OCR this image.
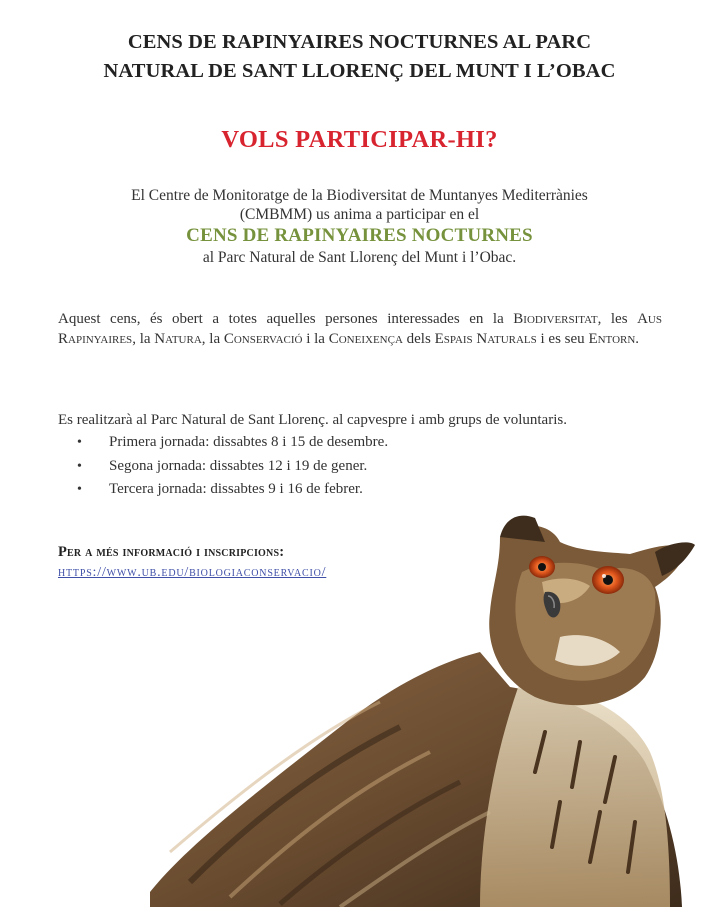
CENS DE RAPINYAIRES NOCTURNES AL PARC
NATURAL DE SANT LLORENÇ DEL MUNT I L’OBAC
VOLS PARTICIPAR-HI?
El Centre de Monitoratge de la Biodiversitat de Muntanyes Mediterrànies
(CMBMM) us anima a participar en el
CENS DE RAPINYAIRES NOCTURNES
al Parc Natural de Sant Llorenç del Munt i l’Obac.
Aquest cens, és obert a totes aquelles persones interessades en la Biodiversitat, les Aus Rapinyaires, la Natura, la Conservació i la Coneixença dels Espais Naturals i es seu Entorn.
Es realitzarà al Parc Natural de Sant Llorenç. al capvespre i amb grups de voluntaris.
• Primera jornada: dissabtes 8 i 15 de desembre.
• Segona jornada: dissabtes 12 i 19 de gener.
• Tercera jornada: dissabtes 9 i 16 de febrer.
Per a més informació i inscripcions:
https://www.ub.edu/biologiaconservacio/
